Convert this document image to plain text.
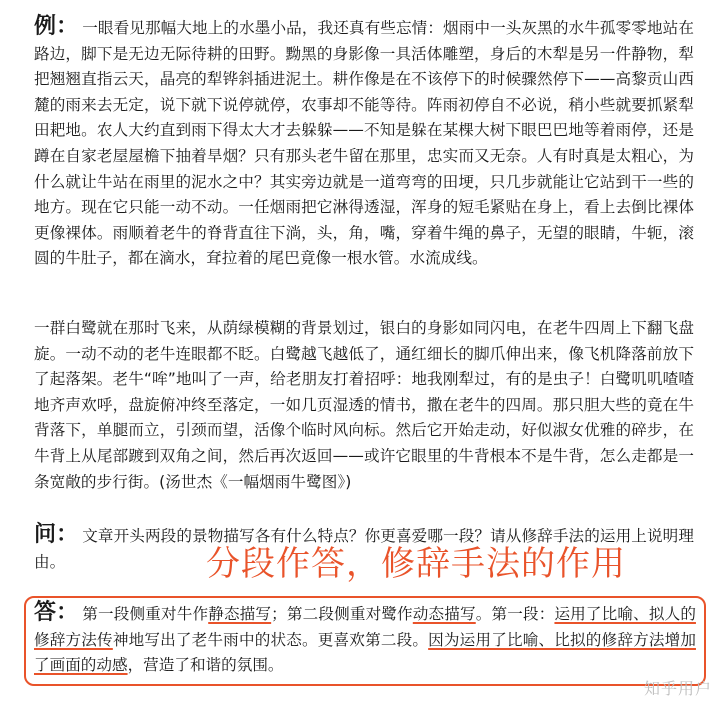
例： 一眼看见那幅大地上的水墨小品，我还真有些忘情：烟雨中一头灰黑的水牛孤零零地站在路边，脚下是无边无际待耕的田野。黝黑的身影像一具活体雕塑，身后的木犁是另一件静物，犁把翘翘直指云天，晶亮的犁铧斜插进泥土。耕作像是在不该停下的时候骤然停下——高黎贡山西麓的雨来去无定，说下就下说停就停，农事却不能等待。阵雨初停自不必说，稍小些就要抓紧犁田耙地。农人大约直到雨下得太大才去躲躲——不知是躲在某棵大树下眼巴巴地等着雨停，还是蹲在自家老屋屋檐下抽着旱烟？只有那头老牛留在那里，忠实而又无奈。人有时真是太粗心，为什么就让牛站在雨里的泥水之中？其实旁边就是一道弯弯的田埂，只几步就能让它站到干一些的地方。现在它只能一动不动。一任烟雨把它淋得透湿，浑身的短毛紧贴在身上，看上去倒比裸体更像裸体。雨顺着老牛的脊背直往下淌，头，角，嘴，穿着牛绳的鼻子，无望的眼睛，牛轭，滚圆的牛肚子，都在滴水，耷拉着的尾巴竟像一根水管。水流成线。
一群白鹭就在那时飞来，从荫绿模糊的背景划过，银白的身影如同闪电，在老牛四周上下翻飞盘旋。一动不动的老牛连眼都不眨。白鹭越飞越低了，通红细长的脚爪伸出来，像飞机降落前放下了起落架。老牛“哞”地叫了一声，给老朋友打着招呼：地我刚犁过，有的是虫子！白鹭叽叽喳喳地齐声欢呼，盘旋俯冲终至落定，一如几页湿透的情书，撒在老牛的四周。那只胆大些的竟在牛背落下，单腿而立，引颈而望，活像个临时风向标。然后它开始走动，好似淑女优雅的碎步，在牛背上从尾部踱到双角之间，然后再次返回——或许它眼里的牛背根本不是牛背，怎么走都是一条宽敞的步行街。(汤世杰《一幅烟雨牛鹭图》)
问： 文章开头两段的景物描写各有什么特点？你更喜爱哪一段？请从修辞手法的运用上说明理由。	分段作答，修辞手法的作用
答： 第一段侧重对牛作静态描写；第二段侧重对鹭作动态描写。第一段：运用了比喻、拟人的修辞方法传神地写出了老牛雨中的状态。更喜欢第二段。因为运用了比喻、比拟的修辞方法增加了画面的动感，营造了和谐的氛围。
知乎用户
